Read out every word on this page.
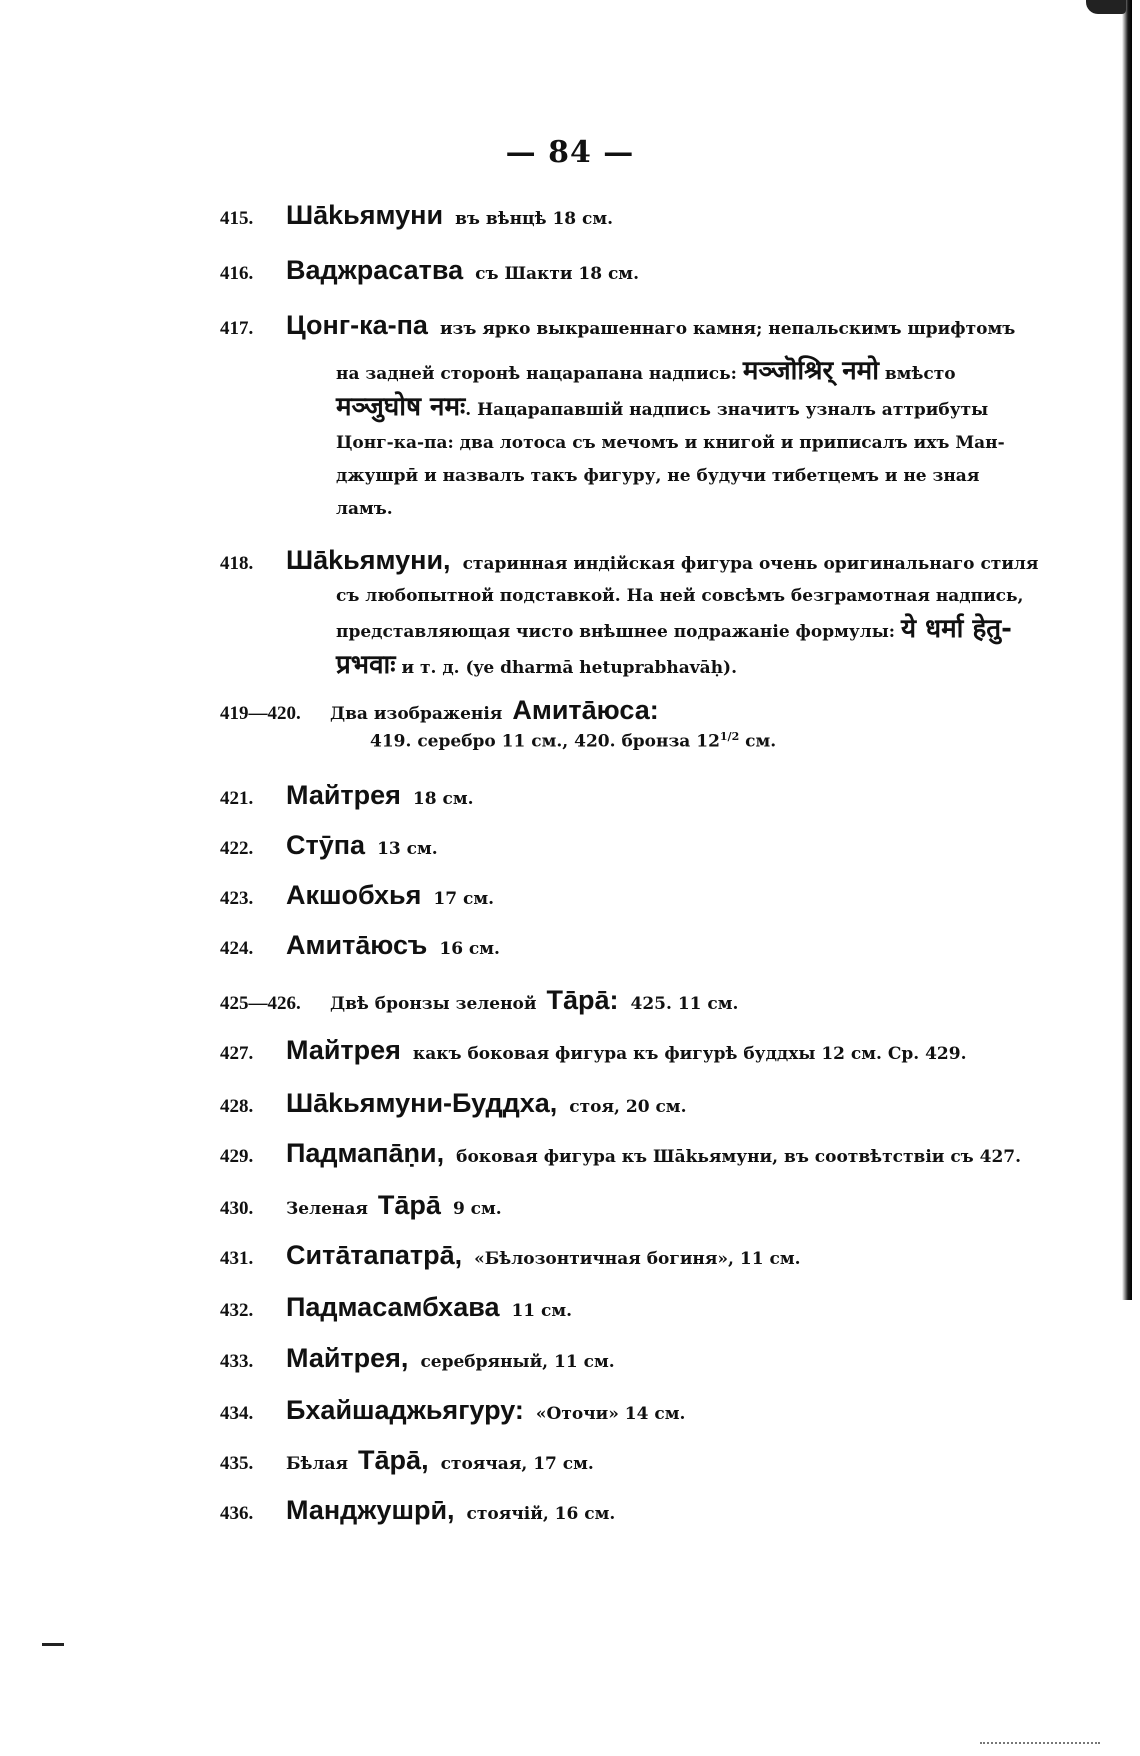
— 84 —
415.	Шākьямуни въ вѣнцѣ 18 см.
416.	Ваджрасатва съ Шакти 18 см.
417.	Цонг-ка-па изъ ярко выкрашеннаго камня; непальскимъ шрифтомъ

на задней сторонѣ нацарапана надпись: मञ्जॊश्रिर् नमो вмѣсто

मञ्जुघोष नमः. Нацарапавшiй надпись значитъ узналъ аттрибуты

Цонг-ка-па: два лотоса съ мечомъ и книгой и приписалъ ихъ Ман-

джушрӣ и назвалъ такъ фигуру, не будучи тибетцемъ и не зная

ламъ.

418.	Шākьямуни, старинная индiйская фигура очень оригинальнаго стиля

съ любопытной подставкой. На ней совсѣмъ безграмотная надпись,

представляющая чисто внѣшнее подражанiе формулы: ये धर्मा हेतु-

प्रभवाः и т. д. (ye dharmā hetuprabhavāḥ).

419—420.	Два изображенiя Амитāюса:
419. серебро 11 см., 420. бронза $12^{1/2}$ см.
421.	Майтрея 18 см.
422.	Стӯпа 13 см.
423.	Акшобхья 17 см.
424.	Амитāюсъ 16 см.
425—426.	Двѣ бронзы зеленой Тāрā: 425. 11 см.
427.	Майтрея какъ боковая фигура къ фигурѣ буддхы 12 см. Ср. 429.
428.	Шākьямуни-Буддха, стоя, 20 см.
429.	Падмапāṇи, боковая фигура къ Шākьямуни, въ соотвѣтствiи съ 427.
430.	Зеленая Тāрā 9 см.
431.	Ситāтапатрā, «Бѣлозонтичная богиня», 11 см.
432.	Падмасамбхава 11 см.
433.	Майтрея, серебряный, 11 см.
434.	Бхайшаджьягуру: «Оточи» 14 см.
435.	Бѣлая Тāрā, стоячая, 17 см.
436.	Манджушрӣ, стоячiй, 16 см.
